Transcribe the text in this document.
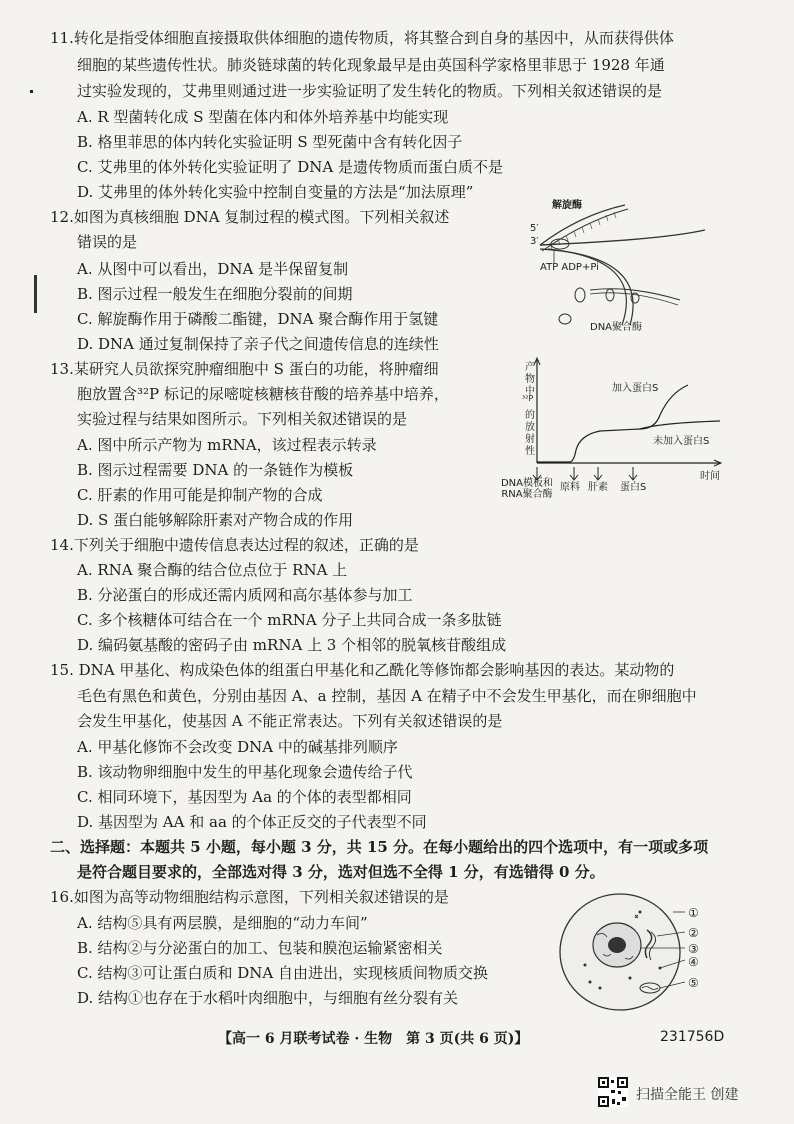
11.转化是指受体细胞直接摄取供体细胞的遗传物质，将其整合到自身的基因中，从而获得供体
细胞的某些遗传性状。肺炎链球菌的转化现象最早是由英国科学家格里菲思于 1928 年通
过实验发现的，艾弗里则通过进一步实验证明了发生转化的物质。下列相关叙述错误的是
A. R 型菌转化成 S 型菌在体内和体外培养基中均能实现
B. 格里菲思的体内转化实验证明 S 型死菌中含有转化因子
C. 艾弗里的体外转化实验证明了 DNA 是遗传物质而蛋白质不是
D. 艾弗里的体外转化实验中控制自变量的方法是“加法原理”
12.如图为真核细胞 DNA 复制过程的模式图。下列相关叙述
错误的是
A. 从图中可以看出，DNA 是半保留复制
B. 图示过程一般发生在细胞分裂前的间期
C. 解旋酶作用于磷酸二酯键，DNA 聚合酶作用于氢键
D. DNA 通过复制保持了亲子代之间遗传信息的连续性
解旋酶
5′
3′
ATP ADP+Pi
DNA聚合酶
13.某研究人员欲探究肿瘤细胞中 S 蛋白的功能，将肿瘤细
胞放置含³²P 标记的尿嘧啶核糖核苷酸的培养基中培养，
实验过程与结果如图所示。下列相关叙述错误的是
A. 图中所示产物为 mRNA，该过程表示转录
B. 图示过程需要 DNA 的一条链作为模板
C. 肝素的作用可能是抑制产物的合成
D. S 蛋白能够解除肝素对产物合成的作用
产
物
中
³²P
的
放
射
性
加入蛋白S
未加入蛋白S
时间
DNA模板和RNA聚合酶
原料 肝素 蛋白S
14.下列关于细胞中遗传信息表达过程的叙述，正确的是
A. RNA 聚合酶的结合位点位于 RNA 上
B. 分泌蛋白的形成还需内质网和高尔基体参与加工
C. 多个核糖体可结合在一个 mRNA 分子上共同合成一条多肽链
D. 编码氨基酸的密码子由 mRNA 上 3 个相邻的脱氧核苷酸组成
15. DNA 甲基化、构成染色体的组蛋白甲基化和乙酰化等修饰都会影响基因的表达。某动物的
毛色有黑色和黄色，分别由基因 A、a 控制，基因 A 在精子中不会发生甲基化，而在卵细胞中
会发生甲基化，使基因 A 不能正常表达。下列有关叙述错误的是
A. 甲基化修饰不会改变 DNA 中的碱基排列顺序
B. 该动物卵细胞中发生的甲基化现象会遗传给子代
C. 相同环境下，基因型为 Aa 的个体的表型都相同
D. 基因型为 AA 和 aa 的个体正反交的子代表型不同
二、选择题：本题共 5 小题，每小题 3 分，共 15 分。在每小题给出的四个选项中，有一项或多项
是符合题目要求的，全部选对得 3 分，选对但选不全得 1 分，有选错得 0 分。
16.如图为高等动物细胞结构示意图，下列相关叙述错误的是
A. 结构⑤具有两层膜，是细胞的“动力车间”
B. 结构②与分泌蛋白的加工、包装和膜泡运输紧密相关
C. 结构③可让蛋白质和 DNA 自由进出，实现核质间物质交换
D. 结构①也存在于水稻叶肉细胞中，与细胞有丝分裂有关
①
②
③
④
⑤
【高一 6 月联考试卷 · 生物　第 3 页(共 6 页)】	231756D
扫描全能王 创建
